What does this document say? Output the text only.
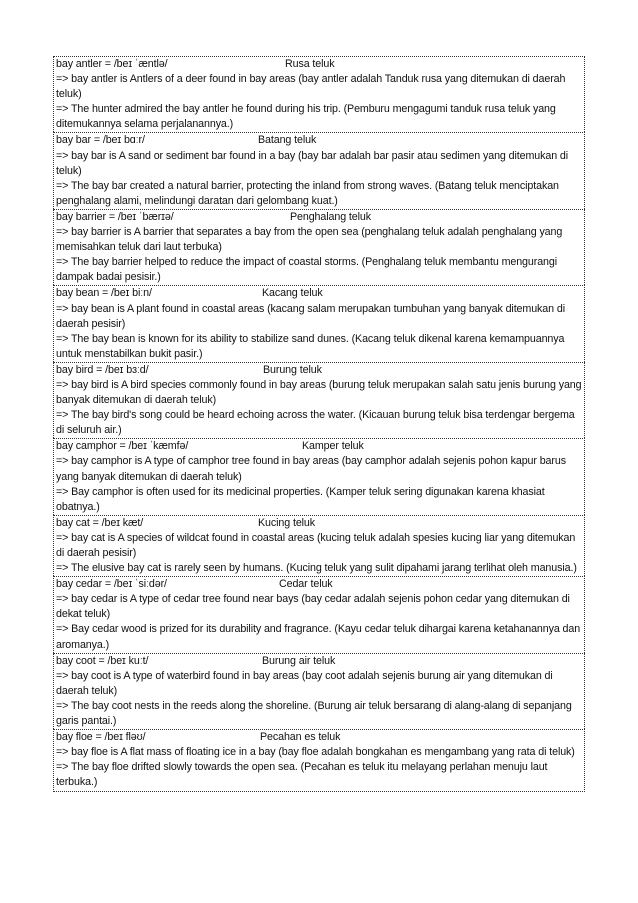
bay antler = /beɪ ˈæntlə/	Rusa teluk
=> bay antler is Antlers of a deer found in bay areas (bay antler adalah Tanduk rusa yang ditemukan di daerah teluk)
=> The hunter admired the bay antler he found during his trip. (Pemburu mengagumi tanduk rusa teluk yang ditemukannya selama perjalanannya.)
bay bar = /beɪ bɑːr/	Batang teluk
=> bay bar is A sand or sediment bar found in a bay (bay bar adalah bar pasir atau sedimen yang ditemukan di teluk)
=> The bay bar created a natural barrier, protecting the inland from strong waves. (Batang teluk menciptakan penghalang alami, melindungi daratan dari gelombang kuat.)
bay barrier = /beɪ ˈbærɪə/	Penghalang teluk
=> bay barrier is A barrier that separates a bay from the open sea (penghalang teluk adalah penghalang yang memisahkan teluk dari laut terbuka)
=> The bay barrier helped to reduce the impact of coastal storms. (Penghalang teluk membantu mengurangi dampak badai pesisir.)
bay bean = /beɪ biːn/	Kacang teluk
=> bay bean is A plant found in coastal areas (kacang salam merupakan tumbuhan yang banyak ditemukan di daerah pesisir)
=> The bay bean is known for its ability to stabilize sand dunes. (Kacang teluk dikenal karena kemampuannya untuk menstabilkan bukit pasir.)
bay bird = /beɪ bɜːd/	Burung teluk
=> bay bird is A bird species commonly found in bay areas (burung teluk merupakan salah satu jenis burung yang banyak ditemukan di daerah teluk)
=> The bay bird's song could be heard echoing across the water. (Kicauan burung teluk bisa terdengar bergema di seluruh air.)
bay camphor = /beɪ ˈkæmfə/	Kamper teluk
=> bay camphor is A type of camphor tree found in bay areas (bay camphor adalah sejenis pohon kapur barus yang banyak ditemukan di daerah teluk)
=> Bay camphor is often used for its medicinal properties. (Kamper teluk sering digunakan karena khasiat obatnya.)
bay cat = /beɪ kæt/	Kucing teluk
=> bay cat is A species of wildcat found in coastal areas (kucing teluk adalah spesies kucing liar yang ditemukan di daerah pesisir)
=> The elusive bay cat is rarely seen by humans. (Kucing teluk yang sulit dipahami jarang terlihat oleh manusia.)
bay cedar = /beɪ ˈsiːdər/	Cedar teluk
=> bay cedar is A type of cedar tree found near bays (bay cedar adalah sejenis pohon cedar yang ditemukan di dekat teluk)
=> Bay cedar wood is prized for its durability and fragrance. (Kayu cedar teluk dihargai karena ketahanannya dan aromanya.)
bay coot = /beɪ kuːt/	Burung air teluk
=> bay coot is A type of waterbird found in bay areas (bay coot adalah sejenis burung air yang ditemukan di daerah teluk)
=> The bay coot nests in the reeds along the shoreline. (Burung air teluk bersarang di alang-alang di sepanjang garis pantai.)
bay floe = /beɪ fləʊ/	Pecahan es teluk
=> bay floe is A flat mass of floating ice in a bay (bay floe adalah bongkahan es mengambang yang rata di teluk)
=> The bay floe drifted slowly towards the open sea. (Pecahan es teluk itu melayang perlahan menuju laut terbuka.)
